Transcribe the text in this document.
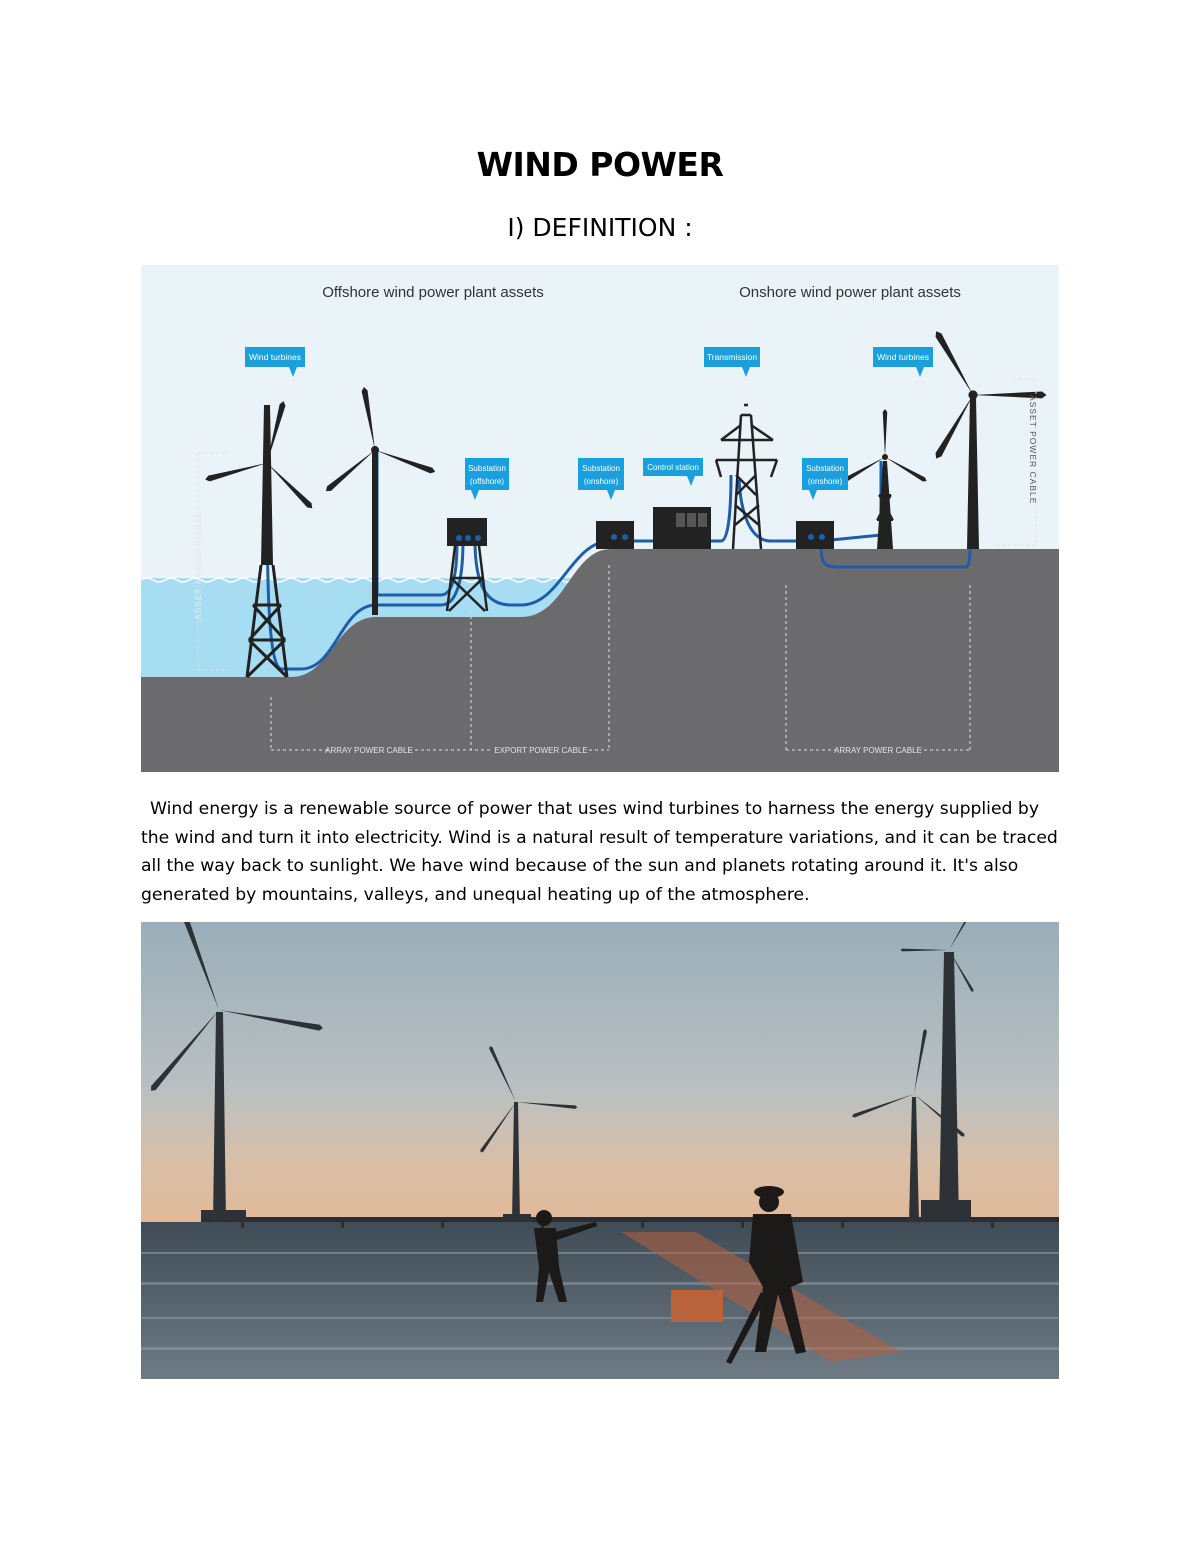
WIND POWER
I) DEFINITION :
Offshore wind power plant assets	Onshore wind power plant assets
ASSET POWER CABLE
ASSET POWER CABLE
ARRAY POWER CABLE	EXPORT POWER CABLE	ARRAY POWER CABLE
Wind turbines	Transmission	Wind turbines
Substation
(offshore)
Substation
(onshore)
Control station	Substation
(onshore)

Wind energy is a renewable source of power that uses wind turbines to harness the energy supplied by the wind and turn it into electricity. Wind is a natural result of temperature variations, and it can be traced all the way back to sunlight. We have wind because of the sun and planets rotating around it. It's also generated by mountains, valleys, and unequal heating up of the atmosphere.
